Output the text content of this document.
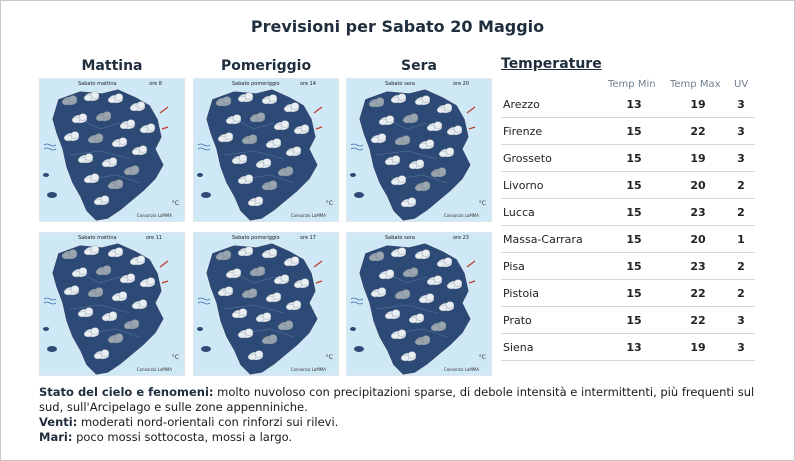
Previsioni per Sabato 20 Maggio
Mattina	Pomeriggio	Sera
Sabato mattina	ore 8
°C
Consorzio LaMMA
Sabato pomeriggio	ore 14
°C
Consorzio LaMMA
Sabato sera	ore 20
°C
Consorzio LaMMA
Sabato mattina	ore 11
°C
Consorzio LaMMA
Sabato pomeriggio	ore 17
°C
Consorzio LaMMA
Sabato sera	ore 23
°C
Consorzio LaMMA
Temperature
Temp Min Temp Max UV
Arezzo	13	19	3
Firenze	15	22	3
Grosseto	15	19	3
Livorno	15	20	2
Lucca	15	23	2
Massa-Carrara	15	20	1
Pisa	15	23	2
Pistoia	15	22	2
Prato	15	22	3
Siena	13	19	3
Stato del cielo e fenomeni: molto nuvoloso con precipitazioni sparse, di debole intensità e intermittenti, più frequenti sul sud, sull'Arcipelago e sulle zone appenniniche.
Venti: moderati nord-orientali con rinforzi sui rilevi.
Mari: poco mossi sottocosta, mossi a largo.
